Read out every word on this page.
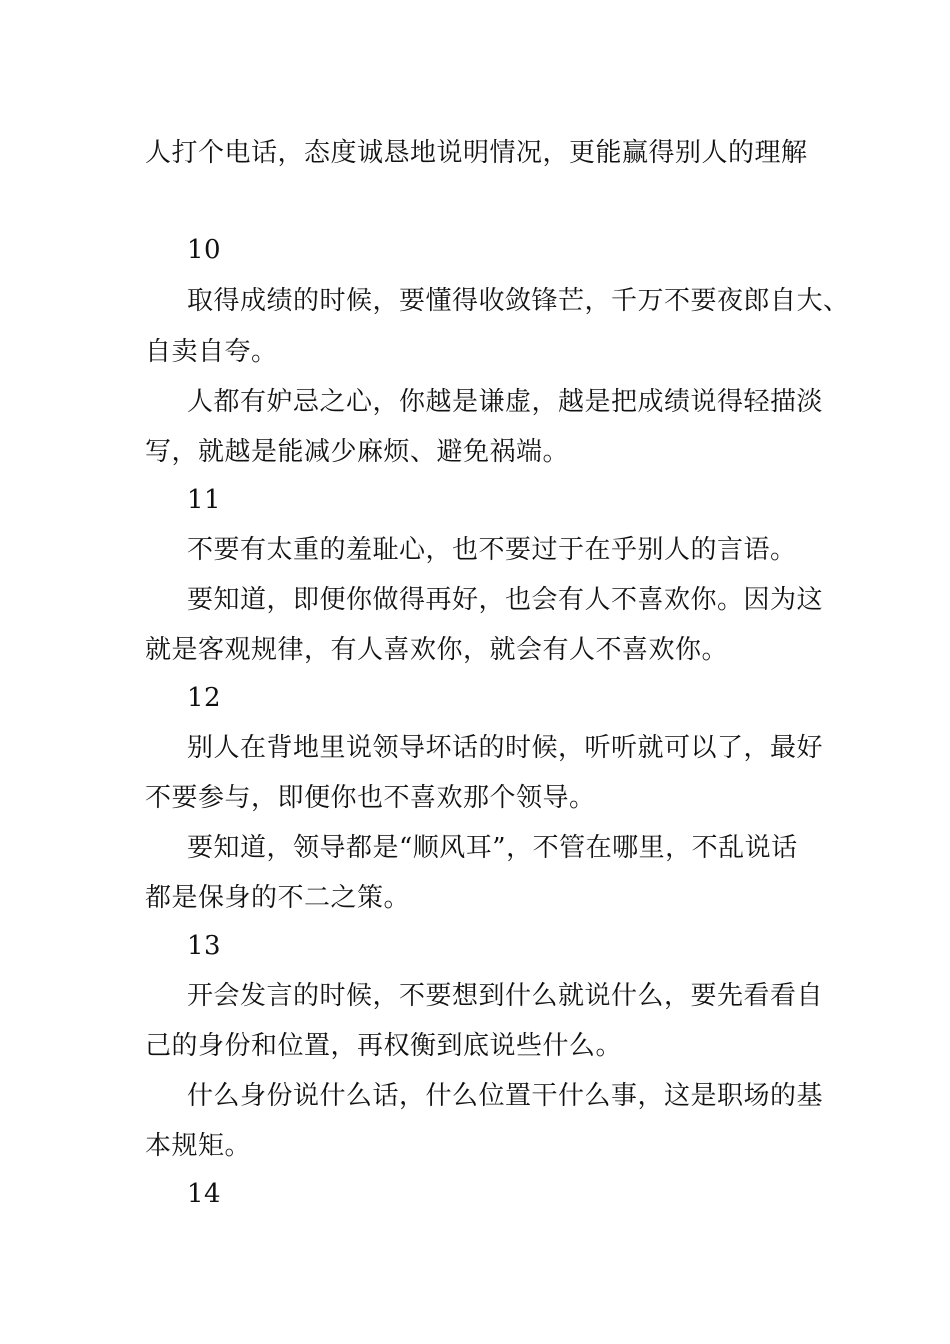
人打个电话，态度诚恳地说明情况，更能赢得别人的理解
10
取得成绩的时候，要懂得收敛锋芒，千万不要夜郎自大、
自卖自夸。
人都有妒忌之心，你越是谦虚，越是把成绩说得轻描淡
写，就越是能减少麻烦、避免祸端。
11
不要有太重的羞耻心，也不要过于在乎别人的言语。
要知道，即便你做得再好，也会有人不喜欢你。因为这
就是客观规律，有人喜欢你，就会有人不喜欢你。
12
别人在背地里说领导坏话的时候，听听就可以了，最好
不要参与，即便你也不喜欢那个领导。
要知道，领导都是“顺风耳”，不管在哪里，不乱说话
都是保身的不二之策。
13
开会发言的时候，不要想到什么就说什么，要先看看自
己的身份和位置，再权衡到底说些什么。
什么身份说什么话，什么位置干什么事，这是职场的基
本规矩。
14
